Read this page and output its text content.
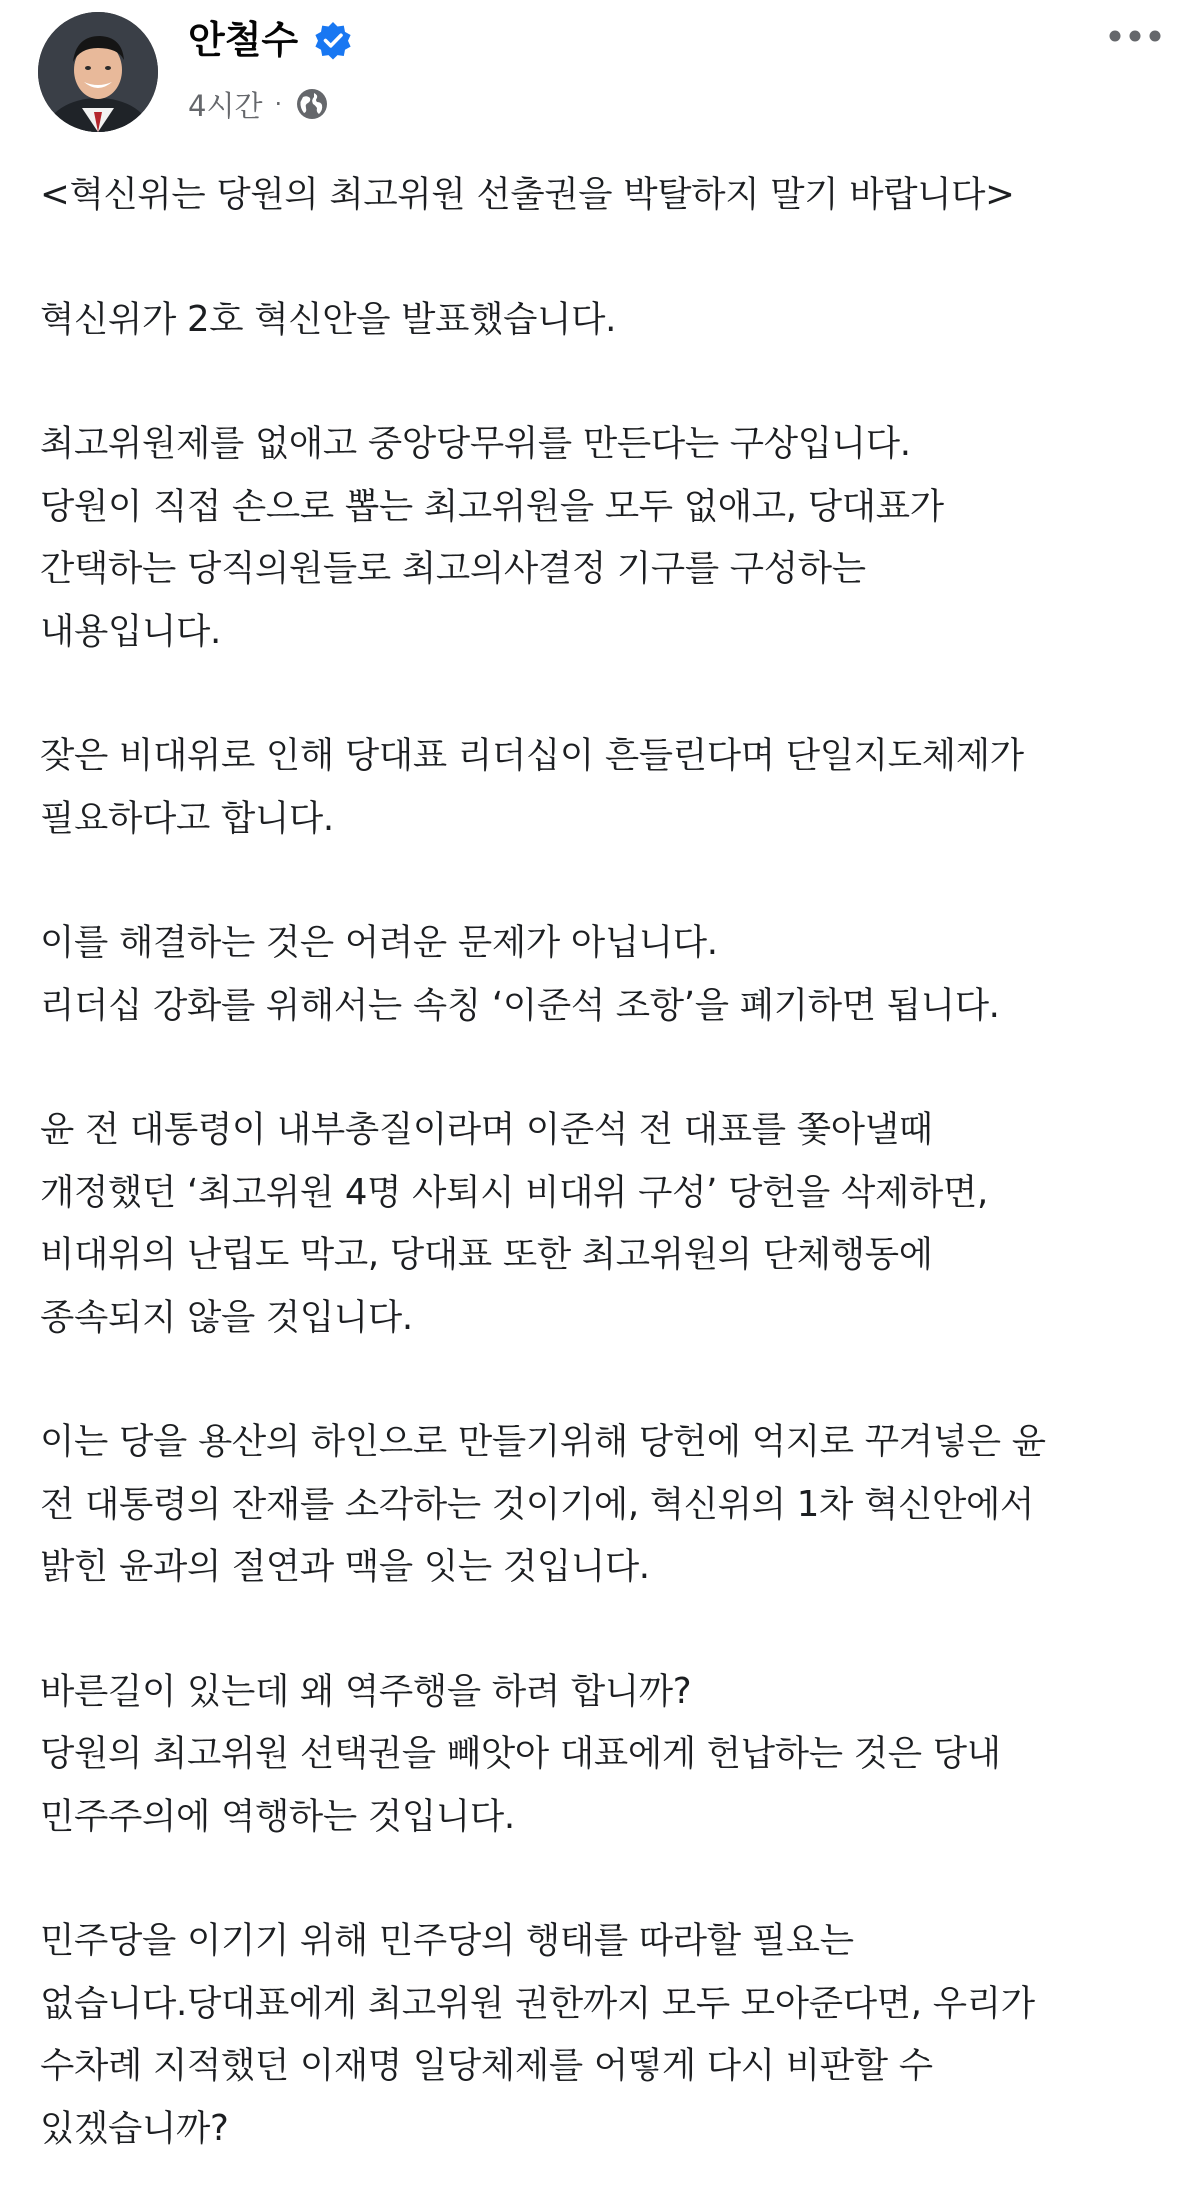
안철수
4시간 ·

<혁신위는 당원의 최고위원 선출권을 박탈하지 말기 바랍니다>

혁신위가 2호 혁신안을 발표했습니다.

최고위원제를 없애고 중앙당무위를 만든다는 구상입니다.
당원이 직접 손으로 뽑는 최고위원을 모두 없애고, 당대표가
간택하는 당직의원들로 최고의사결정 기구를 구성하는
내용입니다.

잦은 비대위로 인해 당대표 리더십이 흔들린다며 단일지도체제가
필요하다고 합니다.

이를 해결하는 것은 어려운 문제가 아닙니다.
리더십 강화를 위해서는 속칭 ‘이준석 조항’을 폐기하면 됩니다.

윤 전 대통령이 내부총질이라며 이준석 전 대표를 쫓아낼때
개정했던 ‘최고위원 4명 사퇴시 비대위 구성’ 당헌을 삭제하면,
비대위의 난립도 막고, 당대표 또한 최고위원의 단체행동에
종속되지 않을 것입니다.

이는 당을 용산의 하인으로 만들기위해 당헌에 억지로 꾸겨넣은 윤
전 대통령의 잔재를 소각하는 것이기에, 혁신위의 1차 혁신안에서
밝힌 윤과의 절연과 맥을 잇는 것입니다.

바른길이 있는데 왜 역주행을 하려 합니까?
당원의 최고위원 선택권을 빼앗아 대표에게 헌납하는 것은 당내
민주주의에 역행하는 것입니다.

민주당을 이기기 위해 민주당의 행태를 따라할 필요는
없습니다.당대표에게 최고위원 권한까지 모두 모아준다면, 우리가
수차례 지적했던 이재명 일당체제를 어떻게 다시 비판할 수
있겠습니까?
